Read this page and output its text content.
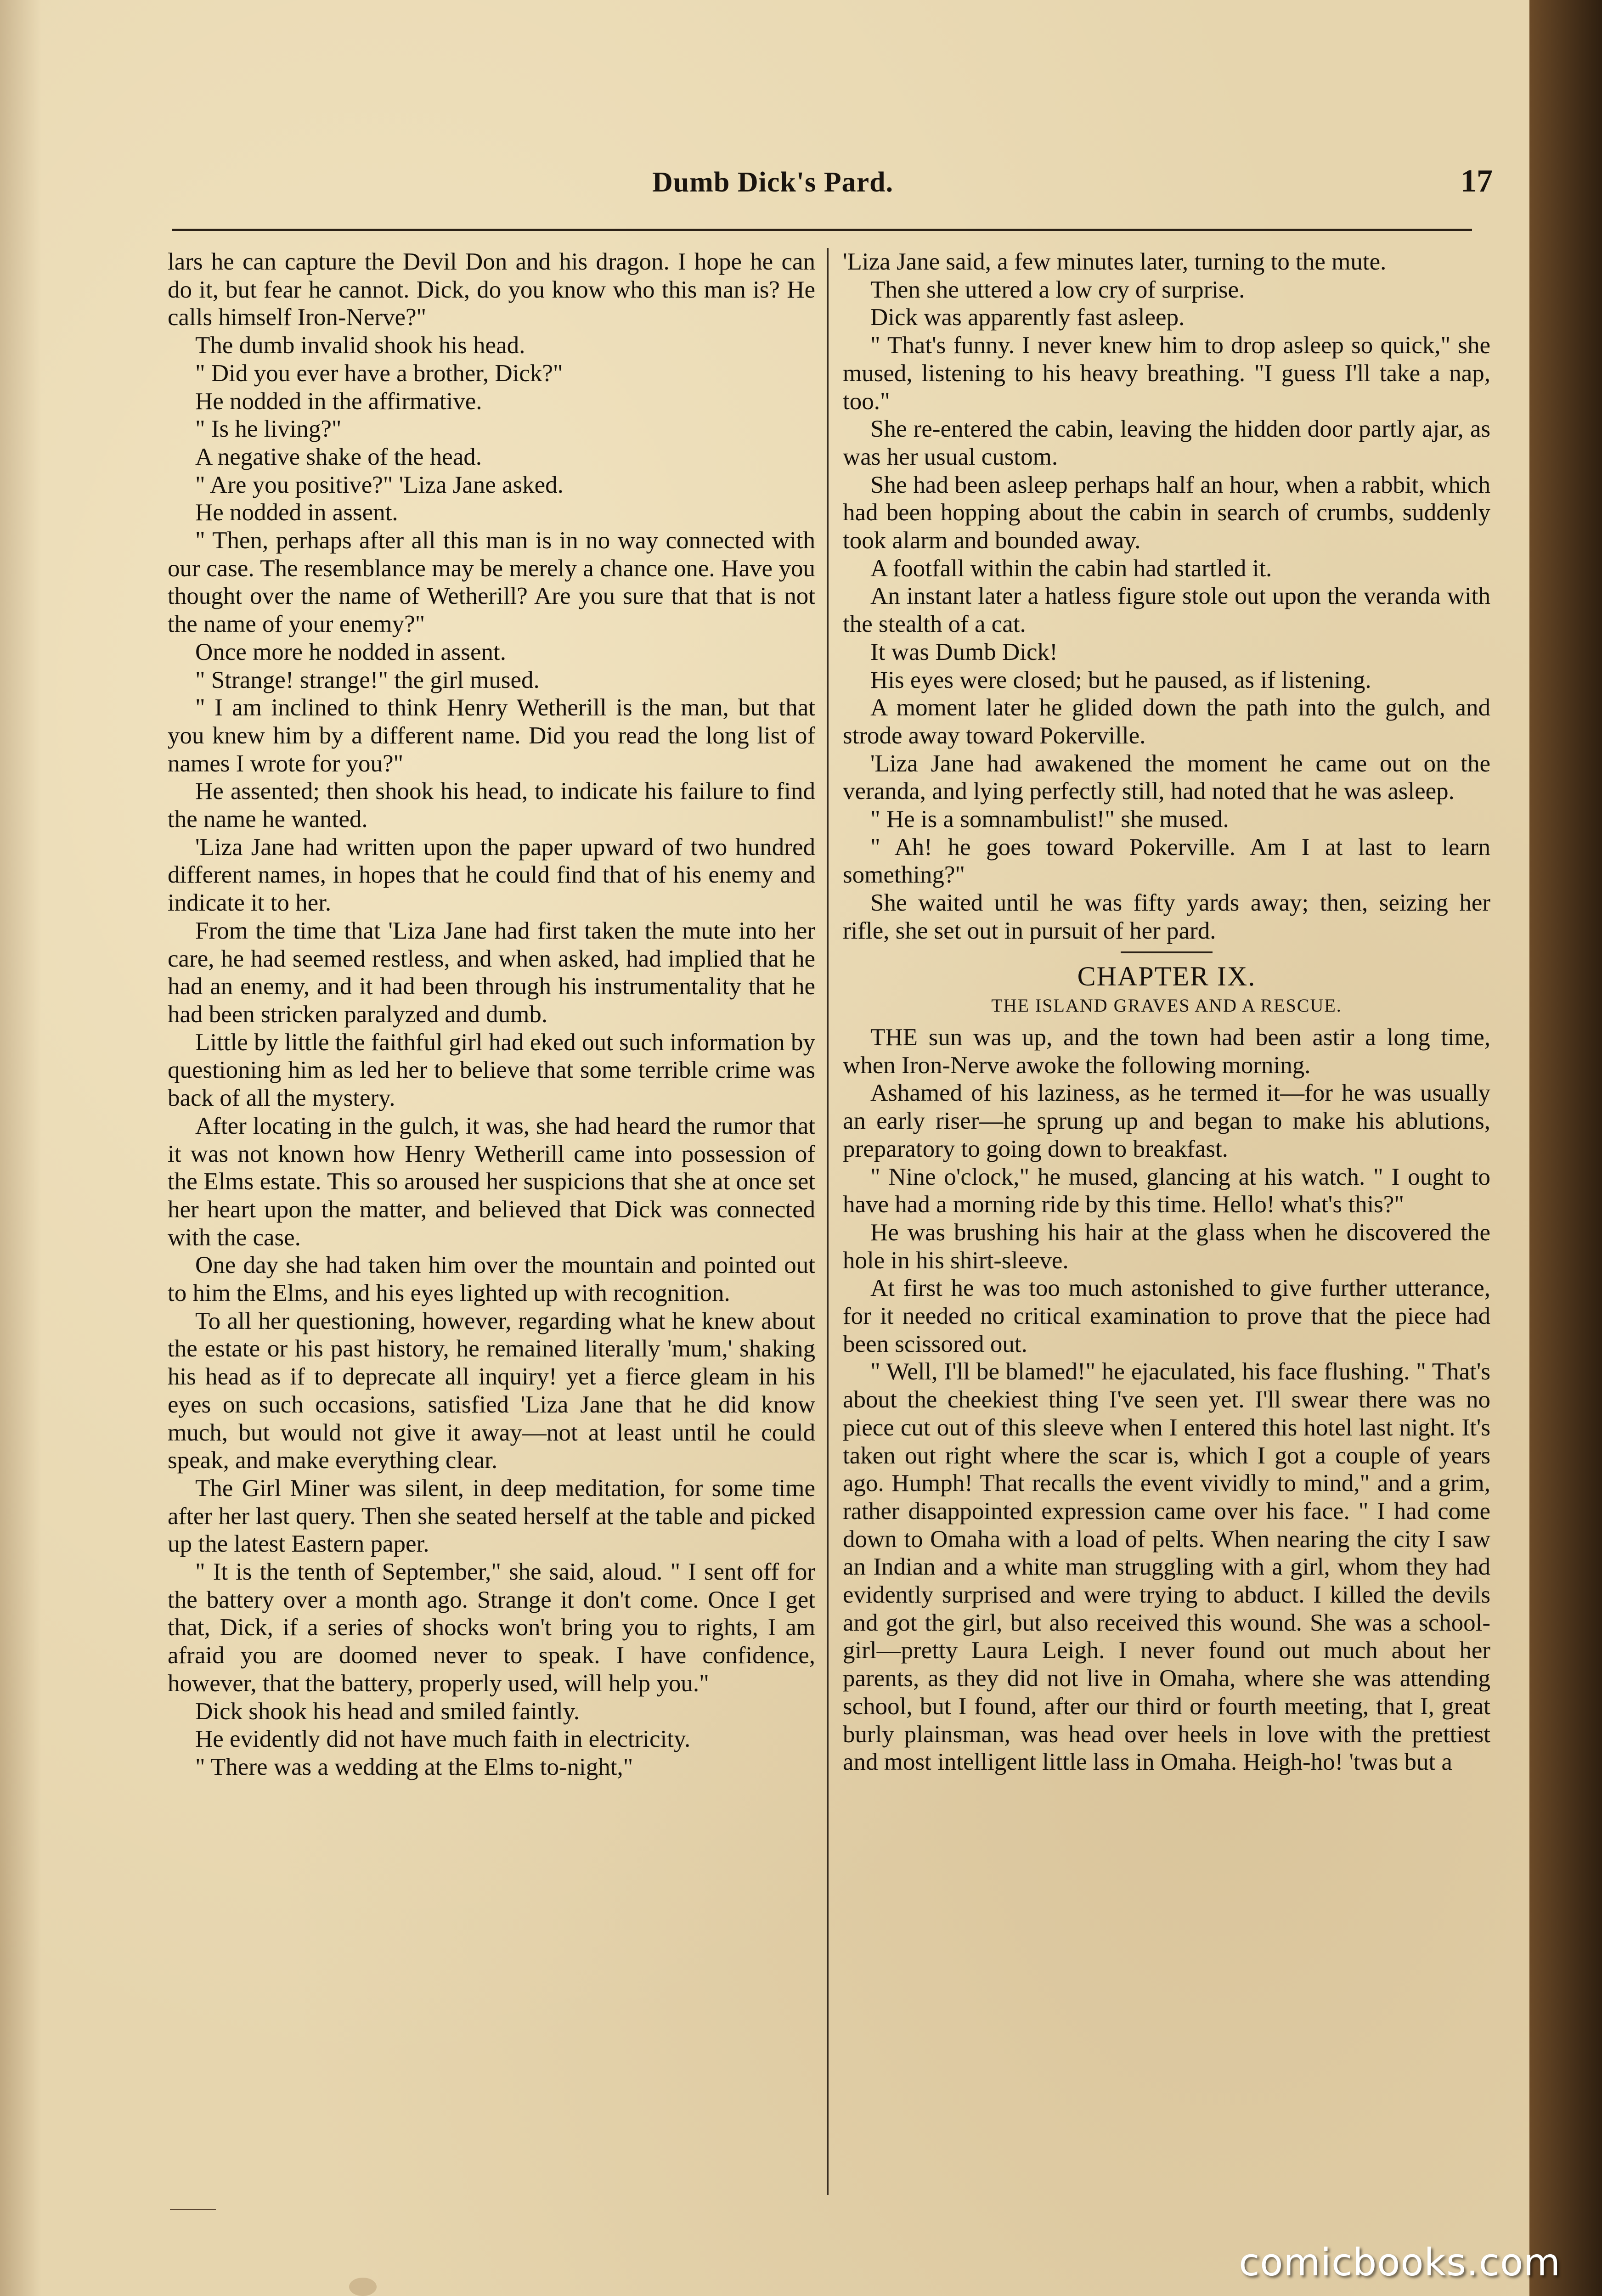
Dumb Dick's Pard.	17

lars he can capture the Devil Don and his dragon. I hope he can do it, but fear he cannot. Dick, do you know who this man is? He calls himself Iron-Nerve?"

The dumb invalid shook his head.

" Did you ever have a brother, Dick?"

He nodded in the affirmative.

" Is he living?"

A negative shake of the head.

" Are you positive?" 'Liza Jane asked.

He nodded in assent.

" Then, perhaps after all this man is in no way connected with our case. The resemblance may be merely a chance one. Have you thought over the name of Wetherill? Are you sure that that is not the name of your enemy?"

Once more he nodded in assent.

" Strange! strange!" the girl mused.

" I am inclined to think Henry Wetherill is the man, but that you knew him by a different name. Did you read the long list of names I wrote for you?"

He assented; then shook his head, to indicate his failure to find the name he wanted.

'Liza Jane had written upon the paper upward of two hundred different names, in hopes that he could find that of his enemy and indicate it to her.

From the time that 'Liza Jane had first taken the mute into her care, he had seemed restless, and when asked, had implied that he had an enemy, and it had been through his instrumentality that he had been stricken paralyzed and dumb.

Little by little the faithful girl had eked out such information by questioning him as led her to believe that some terrible crime was back of all the mystery.

After locating in the gulch, it was, she had heard the rumor that it was not known how Henry Wetherill came into possession of the Elms estate. This so aroused her suspicions that she at once set her heart upon the matter, and believed that Dick was connected with the case.

One day she had taken him over the mountain and pointed out to him the Elms, and his eyes lighted up with recognition.

To all her questioning, however, regarding what he knew about the estate or his past history, he remained literally 'mum,' shaking his head as if to deprecate all inquiry! yet a fierce gleam in his eyes on such occasions, satisfied 'Liza Jane that he did know much, but would not give it away—not at least until he could speak, and make everything clear.

The Girl Miner was silent, in deep meditation, for some time after her last query. Then she seated herself at the table and picked up the latest Eastern paper.

" It is the tenth of September," she said, aloud. " I sent off for the battery over a month ago. Strange it don't come. Once I get that, Dick, if a series of shocks won't bring you to rights, I am afraid you are doomed never to speak. I have confidence, however, that the battery, properly used, will help you."

Dick shook his head and smiled faintly.

He evidently did not have much faith in electricity.

" There was a wedding at the Elms to-night,"

'Liza Jane said, a few minutes later, turning to the mute.

Then she uttered a low cry of surprise.

Dick was apparently fast asleep.

" That's funny. I never knew him to drop asleep so quick," she mused, listening to his heavy breathing. "I guess I'll take a nap, too."

She re-entered the cabin, leaving the hidden door partly ajar, as was her usual custom.

She had been asleep perhaps half an hour, when a rabbit, which had been hopping about the cabin in search of crumbs, suddenly took alarm and bounded away.

A footfall within the cabin had startled it.

An instant later a hatless figure stole out upon the veranda with the stealth of a cat.

It was Dumb Dick!

His eyes were closed; but he paused, as if listening.

A moment later he glided down the path into the gulch, and strode away toward Pokerville.

'Liza Jane had awakened the moment he came out on the veranda, and lying perfectly still, had noted that he was asleep.

" He is a somnambulist!" she mused.

" Ah! he goes toward Pokerville. Am I at last to learn something?"

She waited until he was fifty yards away; then, seizing her rifle, she set out in pursuit of her pard.

CHAPTER IX.
THE ISLAND GRAVES AND A RESCUE.

THE sun was up, and the town had been astir a long time, when Iron-Nerve awoke the following morning.

Ashamed of his laziness, as he termed it—for he was usually an early riser—he sprung up and began to make his ablutions, preparatory to going down to breakfast.

" Nine o'clock," he mused, glancing at his watch. " I ought to have had a morning ride by this time. Hello! what's this?"

He was brushing his hair at the glass when he discovered the hole in his shirt-sleeve.

At first he was too much astonished to give further utterance, for it needed no critical examination to prove that the piece had been scissored out.

" Well, I'll be blamed!" he ejaculated, his face flushing. " That's about the cheekiest thing I've seen yet. I'll swear there was no piece cut out of this sleeve when I entered this hotel last night. It's taken out right where the scar is, which I got a couple of years ago. Humph! That recalls the event vividly to mind," and a grim, rather disappointed expression came over his face. " I had come down to Omaha with a load of pelts. When nearing the city I saw an Indian and a white man struggling with a girl, whom they had evidently surprised and were trying to abduct. I killed the devils and got the girl, but also received this wound. She was a school-girl—pretty Laura Leigh. I never found out much about her parents, as they did not live in Omaha, where she was attending school, but I found, after our third or fourth meeting, that I, great burly plainsman, was head over heels in love with the prettiest and most intelligent little lass in Omaha. Heigh-ho! 'twas but a

comicbooks.com
